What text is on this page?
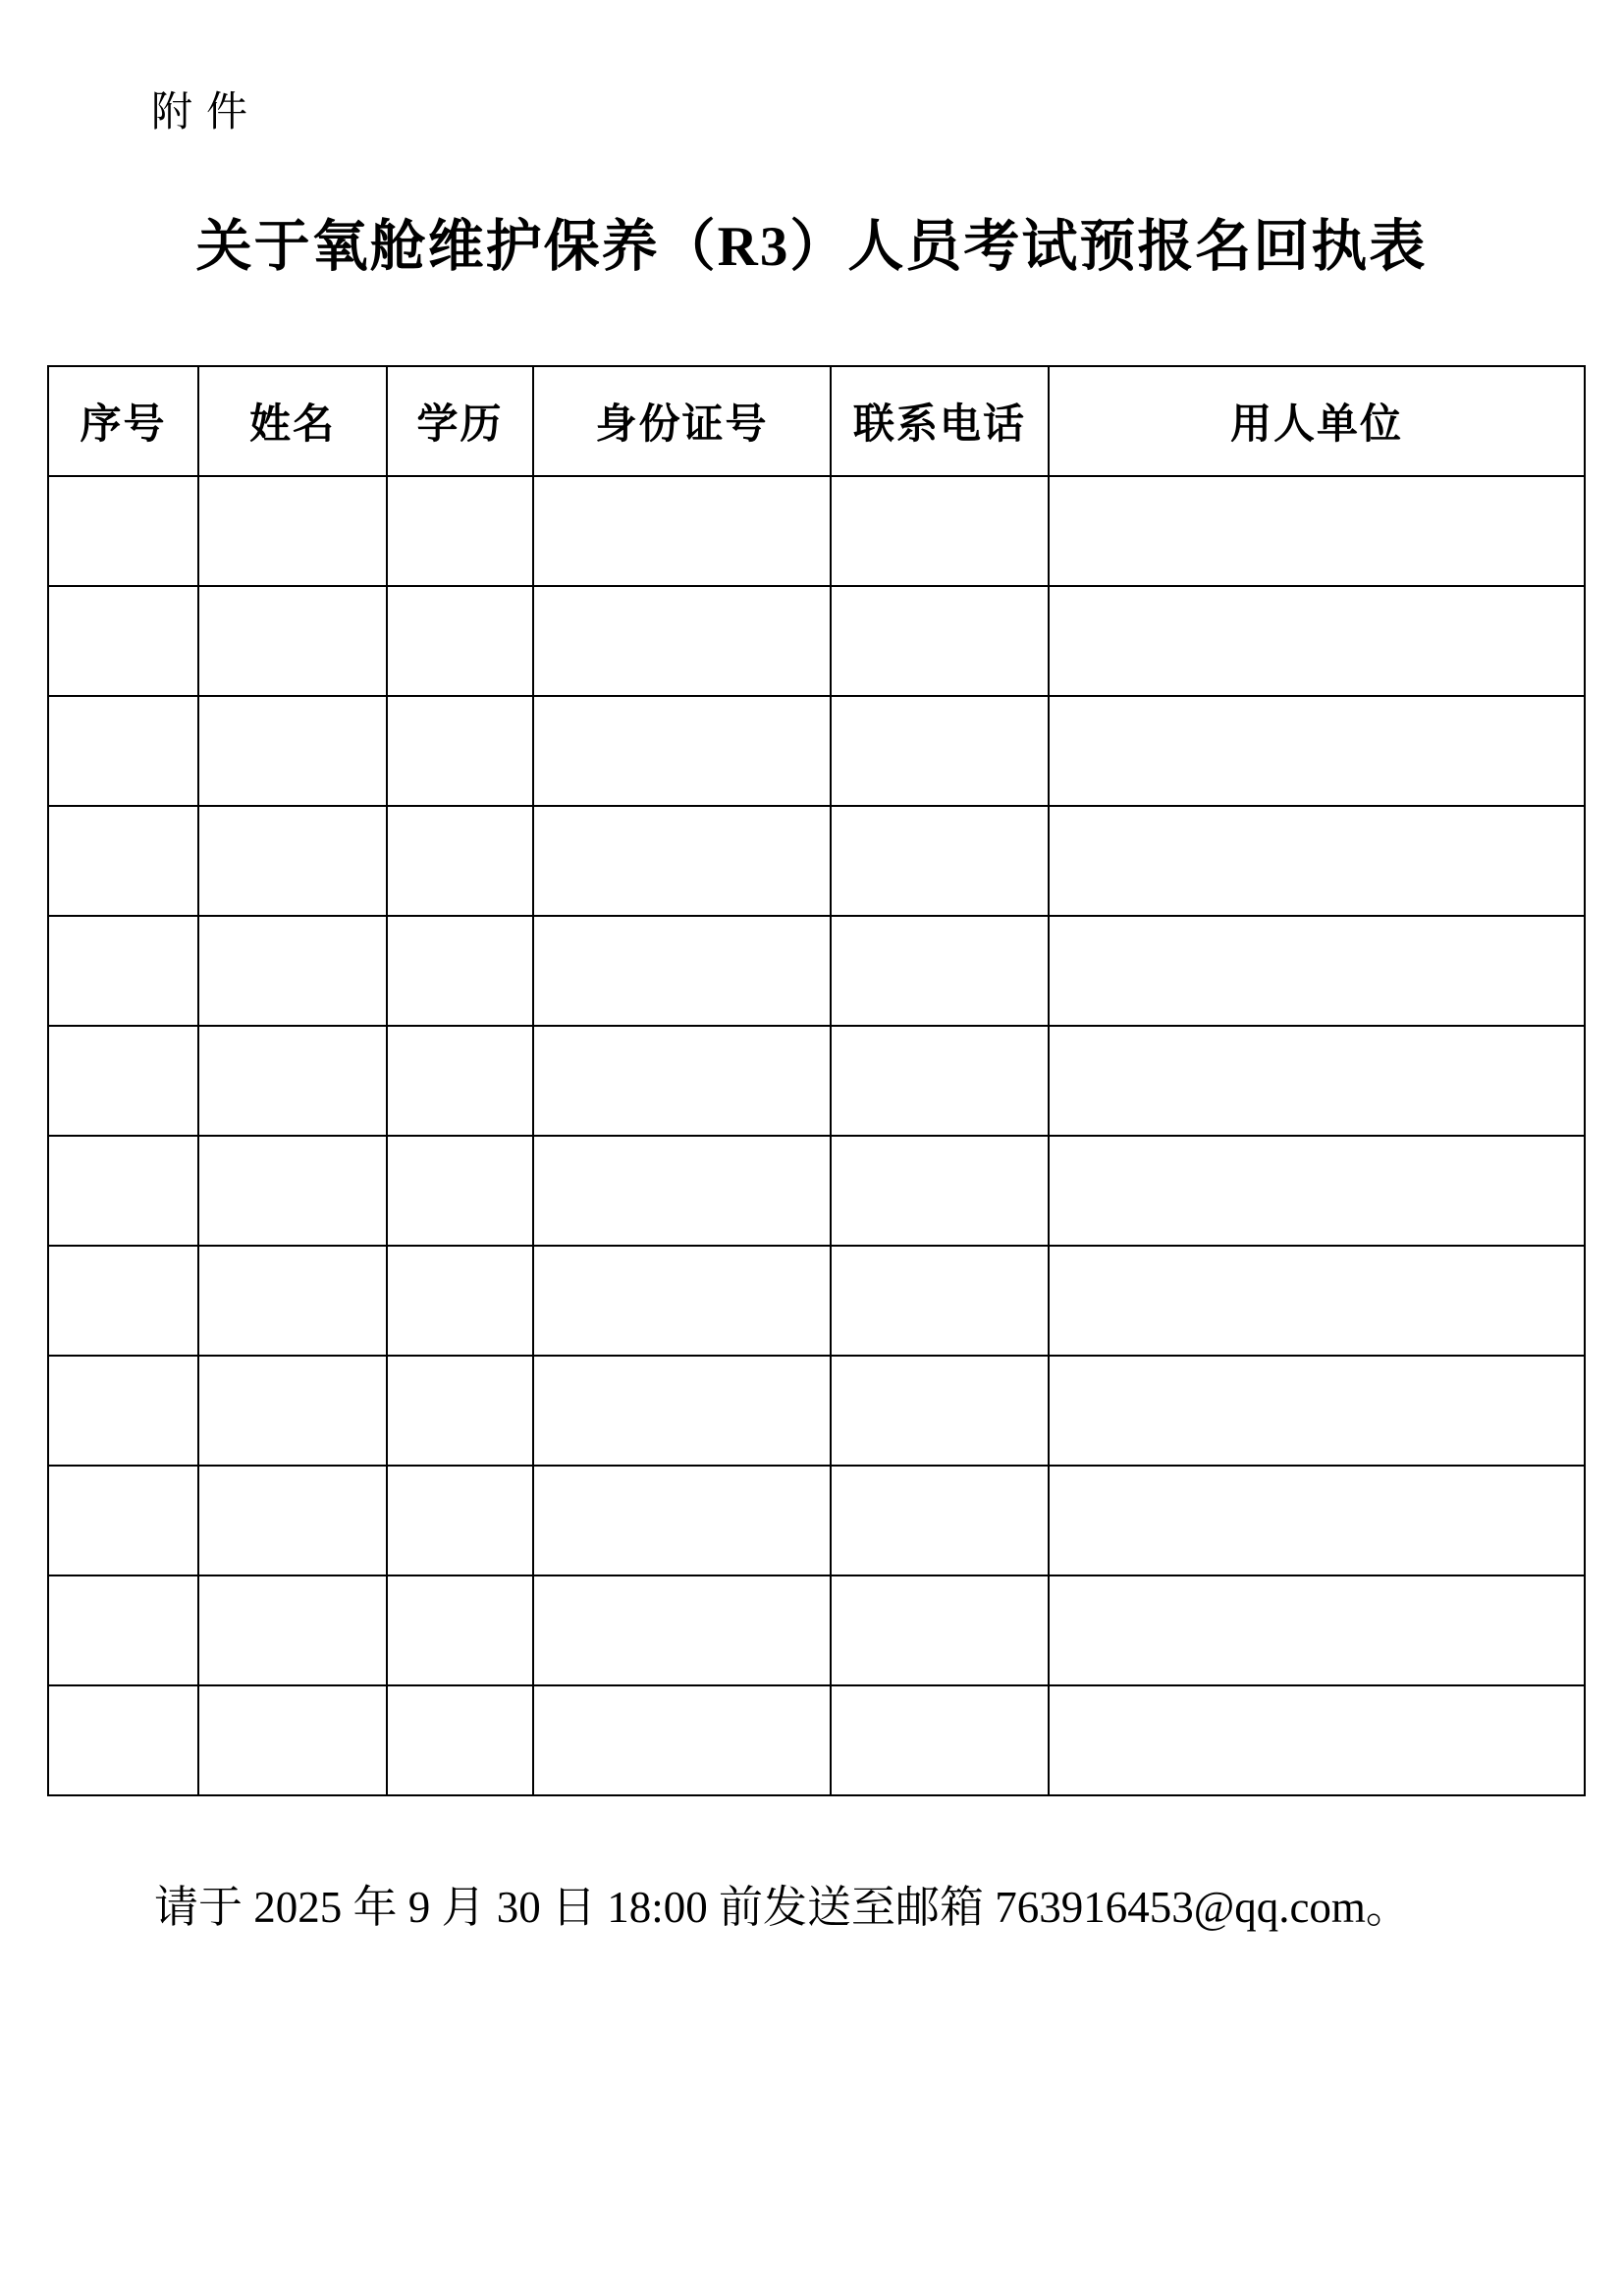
附件
关于氧舱维护保养（R3）人员考试预报名回执表
序号	姓名	学历	身份证号	联系电话	用人单位

请于 2025 年 9 月 30 日 18:00 前发送至邮箱 763916453@qq.com。
